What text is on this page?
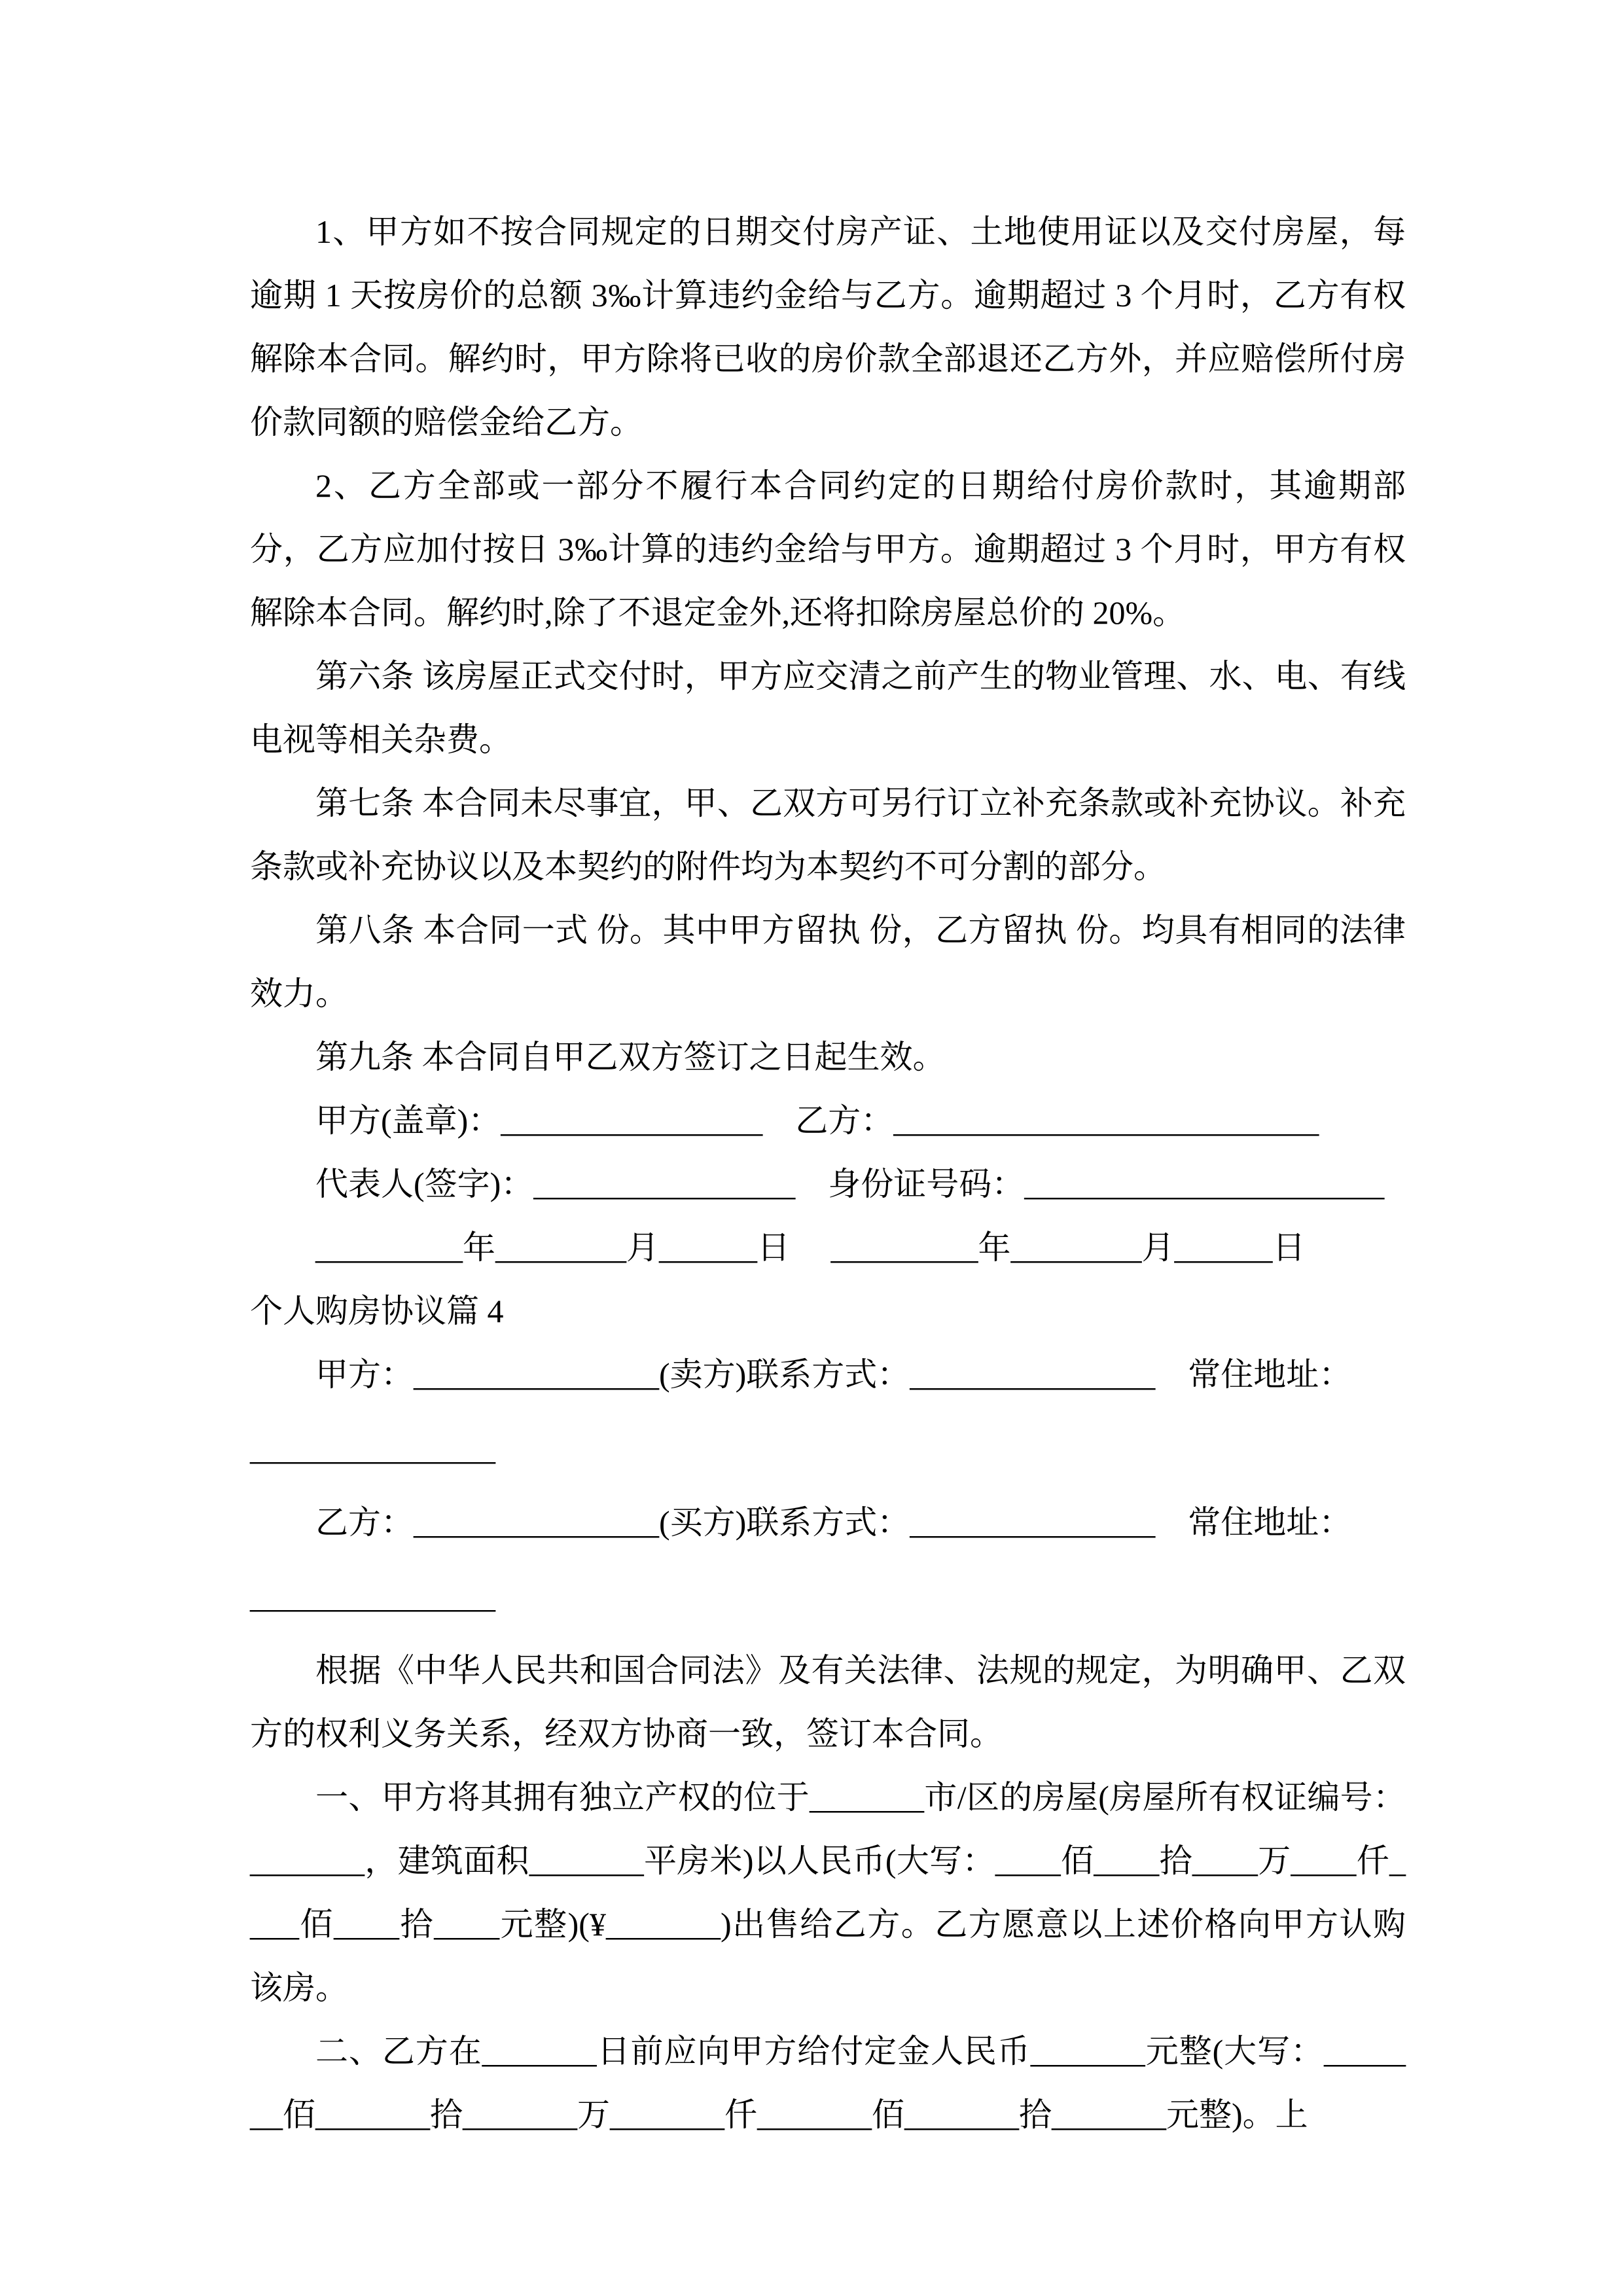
1、甲方如不按合同规定的日期交付房产证、土地使用证以及交付房屋，每逾期 1 天按房价的总额 3‰计算违约金给与乙方。逾期超过 3 个月时，乙方有权解除本合同。解约时，甲方除将已收的房价款全部退还乙方外，并应赔偿所付房价款同额的赔偿金给乙方。

2、乙方全部或一部分不履行本合同约定的日期给付房价款时，其逾期部分，乙方应加付按日 3‰计算的违约金给与甲方。逾期超过 3 个月时，甲方有权解除本合同。解约时,除了不退定金外,还将扣除房屋总价的 20%。

第六条 该房屋正式交付时，甲方应交清之前产生的物业管理、水、电、有线电视等相关杂费。

第七条 本合同未尽事宜，甲、乙双方可另行订立补充条款或补充协议。补充条款或补充协议以及本契约的附件均为本契约不可分割的部分。

第八条 本合同一式 份。其中甲方留执 份，乙方留执 份。均具有相同的法律效力。

第九条 本合同自甲乙双方签订之日起生效。

甲方(盖章)：________________　乙方：__________________________

代表人(签字)：________________　身份证号码：______________________

_________年________月______日　 _________年________月______日

个人购房协议篇 4

甲方：_______________(卖方)联系方式：_______________　常住地址：

_______________

乙方：_______________(买方)联系方式：_______________　常住地址：

_______________

根据《中华人民共和国合同法》及有关法律、法规的规定，为明确甲、乙双方的权利义务关系，经双方协商一致，签订本合同。

一、甲方将其拥有独立产权的位于_______市/区的房屋(房屋所有权证编号：_______，建筑面积_______平房米)以人民币(大写：____佰____拾____万____仟____佰____拾____元整)(¥_______)出售给乙方。乙方愿意以上述价格向甲方认购该房。

二、乙方在_______日前应向甲方给付定金人民币_______元整(大写：_______佰_______拾_______万_______仟_______佰_______拾_______元整)。上
